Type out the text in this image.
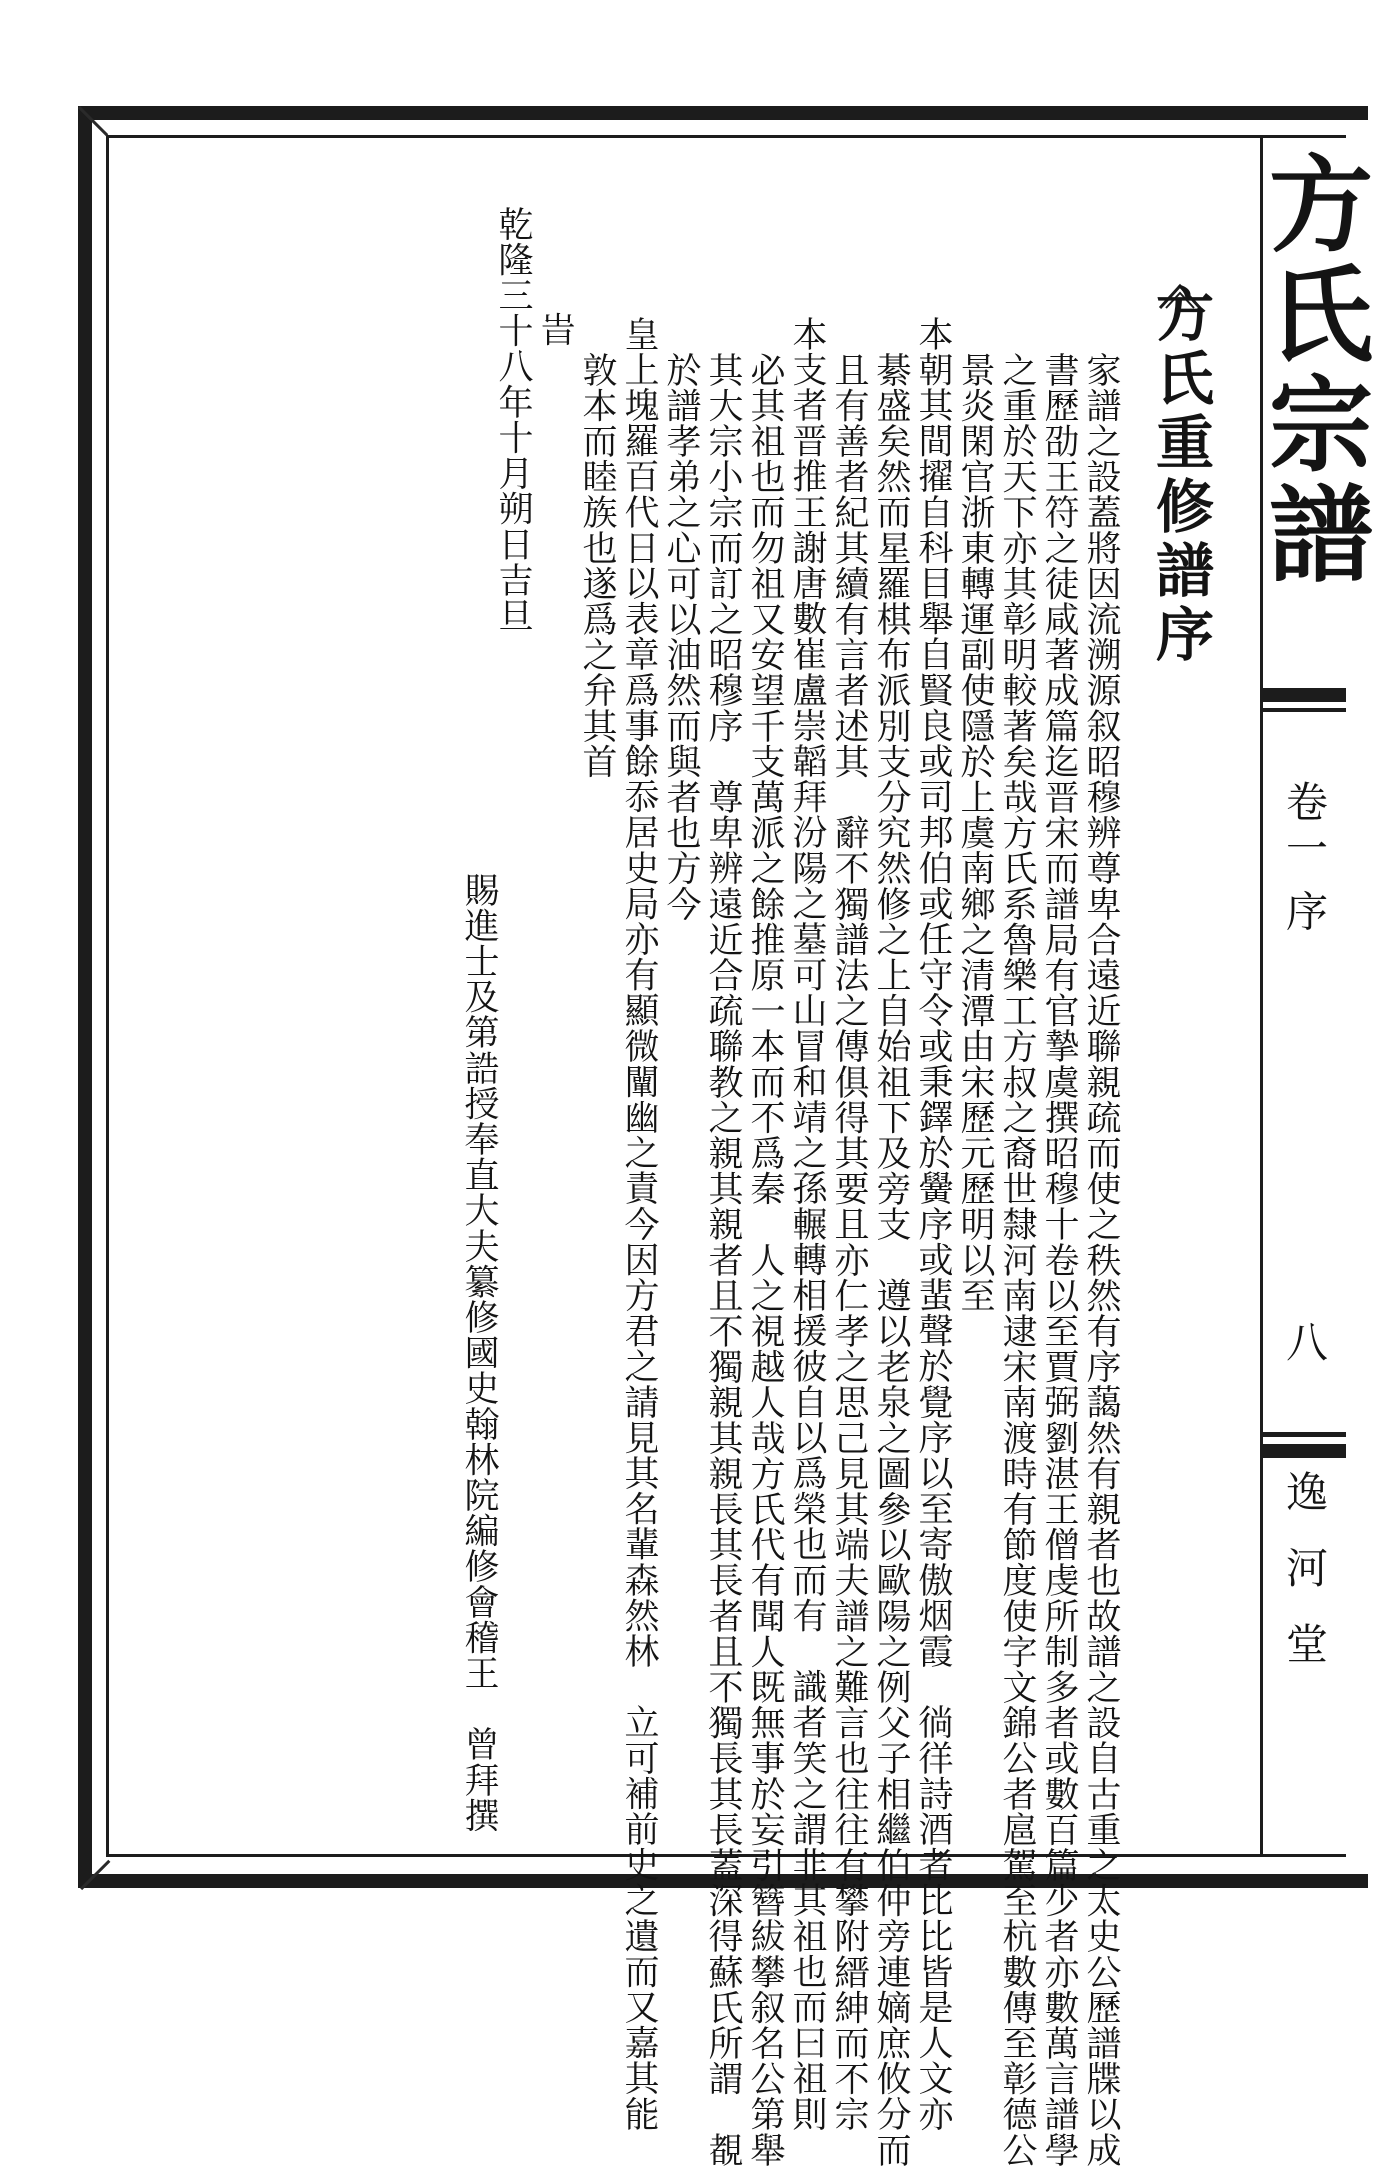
方氏宗譜
卷一 序
八
逸河堂
方氏重修譜序
家譜之設蓋將因流溯源叙昭穆辨尊卑合遠近聯親疏而使之秩然有序藹然有親者也故譜之設自古重之太史公歷譜牒以成
書歷劭王符之徒咸著成篇迄晋宋而譜局有官摯虞撰昭穆十卷以至賈弼劉湛王僧虔所制多者或數百篇少者亦數萬言譜學
之重於天下亦其彰明較著矣哉方氏系魯樂工方叔之裔世隸河南逮宋南渡時有節度使字文錦公者扈駕至杭數傳至彰德公
景炎閑官浙東轉運副使隱於上虞南鄉之清潭由宋歷元歷明以至
本朝其間擢自科目舉自賢良或司邦伯或任守令或秉鐸於黌序或蜚聲於覺序以至寄傲烟霞　徜徉詩酒者比比皆是人文亦
綦盛矣然而星羅棋布派別支分究然修之上自始祖下及旁支　遵以老泉之圖參以歐陽之例父子相繼伯仲旁連嫡庶攸分而
且有善者紀其續有言者述其　辭不獨譜法之傳俱得其要且亦仁孝之思己見其端夫譜之難言也往往有攀附縉紳而不宗
本支者晋推王謝唐數崔盧崇韜拜汾陽之墓可山冒和靖之孫輾轉相援彼自以爲榮也而有　識者笑之謂非其祖也而曰祖則
必其祖也而勿祖又安望千支萬派之餘推原一本而不爲秦　人之視越人哉方氏代有聞人既無事於妄引簪紱攀叙名公第舉
其大宗小宗而訂之昭穆序　尊卑辨遠近合疏聯教之親其親者且不獨親其親長其長者且不獨長其長蓋深得蘇氏所謂　覩
於譜孝弟之心可以油然而與者也方今
皇上塊羅百代日以表章爲事餘忝居史局亦有顯微闡幽之責今因方君之請見其名輩森然林　立可補前史之遺而又嘉其能
敦本而睦族也遂爲之弁其首
　旹
乾隆三十八年十月朔日吉旦
賜進士及第誥授奉直大夫纂修國史翰林院編修會稽王　曾拜撰
